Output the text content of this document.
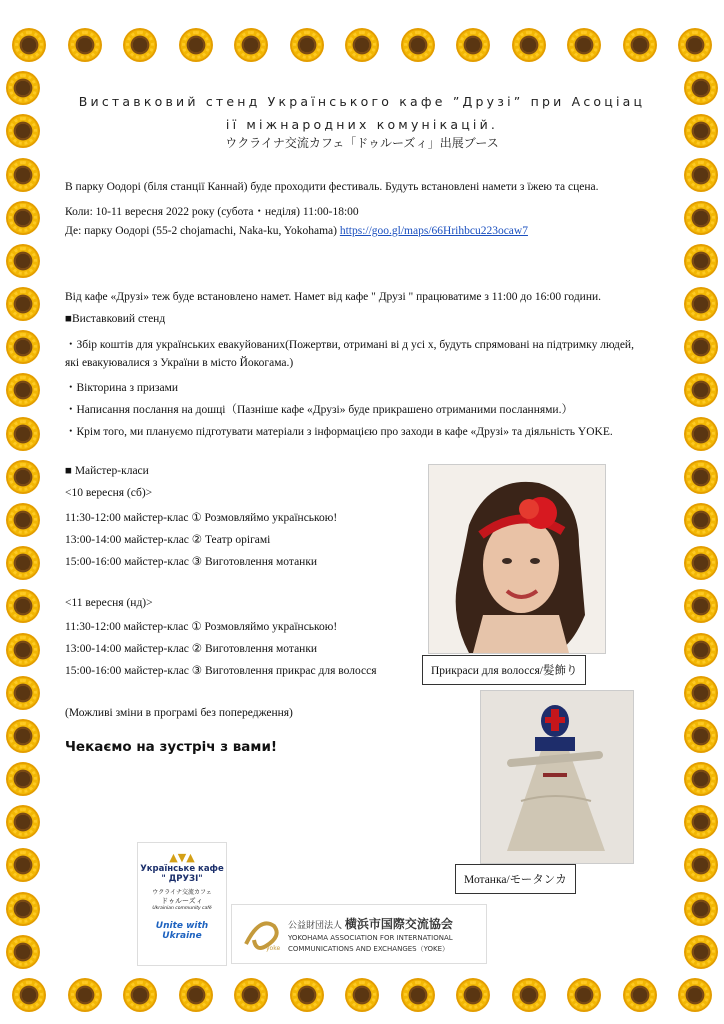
Виставковий стенд Українського кафе ”Друзі” при Асоціац
ії міжнародних комунікацій.
ウクライナ交流カフェ「ドゥルーズィ」出展ブース
В парку Оодорі (біля станції Каннай) буде проходити фестиваль. Будуть встановлені намети з їжею та сцена.
Коли: 10-11 вересня 2022 року (субота・неділя) 11:00-18:00
Де: парку Оодорі (55-2 chojamachi, Naka-ku, Yokohama) https://goo.gl/maps/66Hrihbcu223ocaw7
Від кафе «Друзі» теж буде встановлено намет. Намет від кафе " Друзі " працюватиме з 11:00 до 16:00 години.
■Виставковий стенд
・Збір коштів для українських евакуйованих(Пожертви, отримані ві д усі х, будуть спрямовані на підтримку людей,
які евакуювалися з України в місто Йокогама.)
・Вікторина з призами
・Написання послання на дошці（Пазніше кафе «Друзі» буде прикрашено отриманими посланнями.）
・Крім того, ми плануємо підготувати матеріали з інформацією про заходи в кафе «Друзі» та діяльність YOKE.
■ Майстер-класи
<10 вересня (сб)>
11:30-12:00 майстер-клас ① Розмовляймо українською!
13:00-14:00 майстер-клас ② Театр орігамі
15:00-16:00 майстер-клас ③ Виготовлення мотанки
<11 вересня (нд)>
11:30-12:00 майстер-клас ① Розмовляймо українською!
13:00-14:00 майстер-клас ② Виготовлення мотанки
15:00-16:00 майстер-клас ③ Виготовлення прикрас для волосся
(Можливі зміни в програмі без попередження)
Чекаємо на зустріч з вами!
Прикраси для волосся/髪飾り
Мотанка/モータンカ
▲▼▲
Українське кафе
" ДРУЗІ"
ウクライナ交流カフェ
ドゥルーズィ
Ukrainian community café
Unite with Ukraine
yoke
公益財団法人 横浜市国際交流協会
YOKOHAMA ASSOCIATION FOR INTERNATIONAL
COMMUNICATIONS AND EXCHANGES（YOKE）
